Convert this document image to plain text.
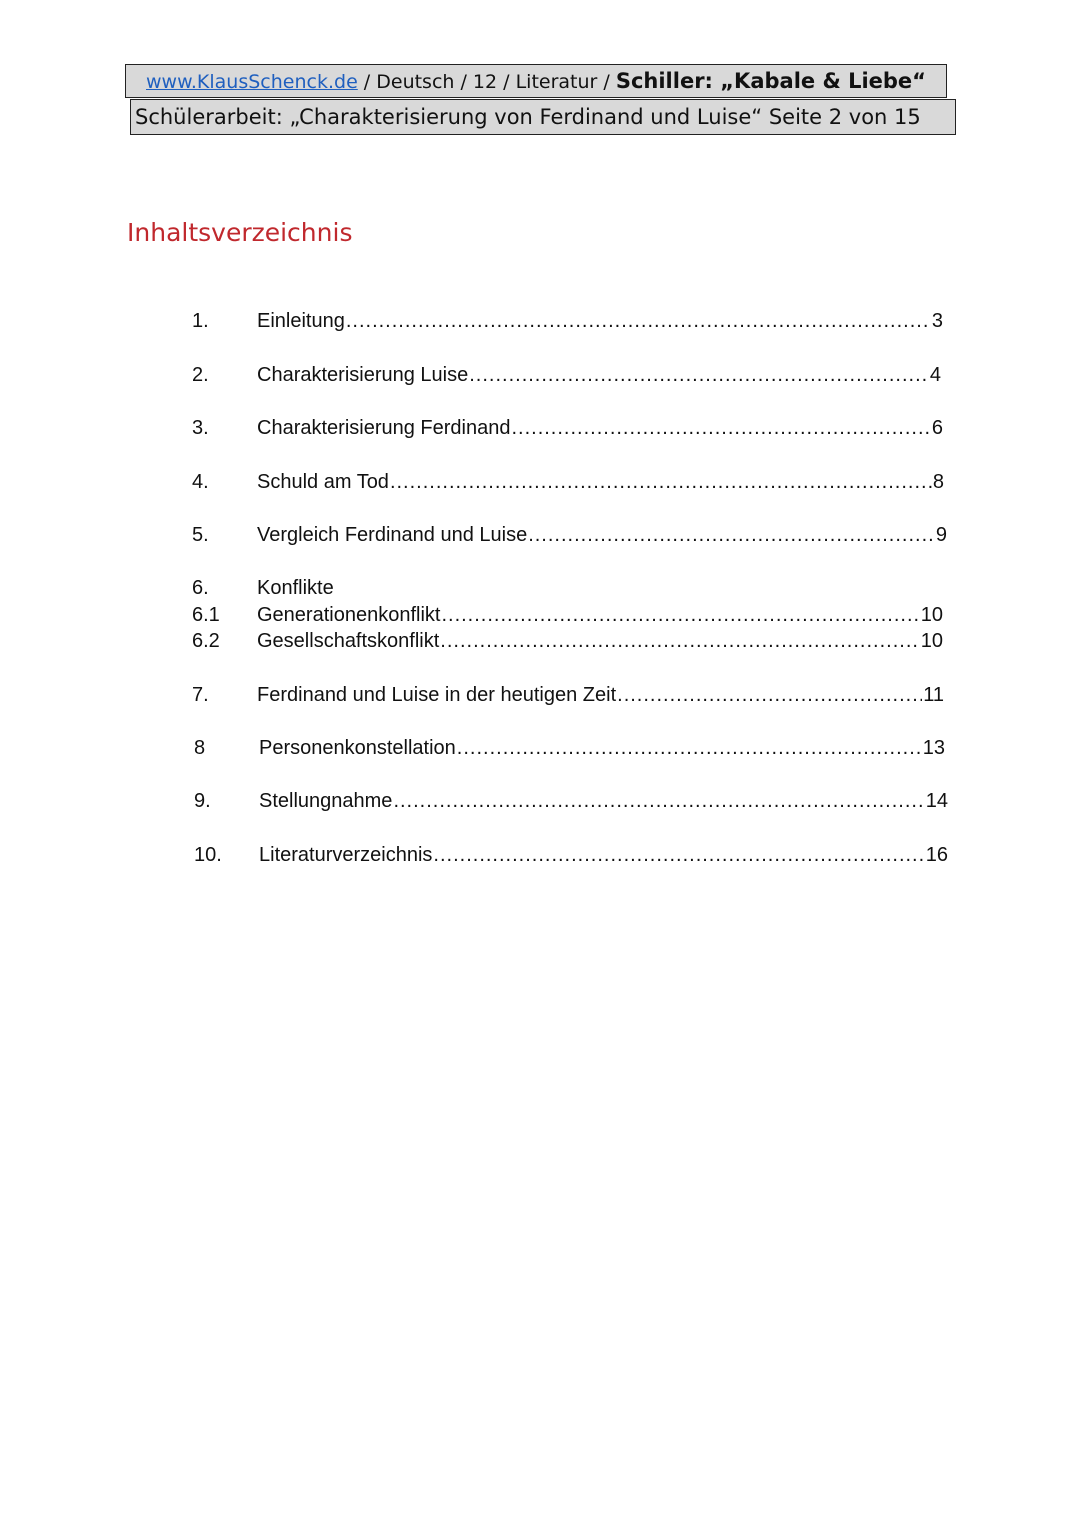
www.KlausSchenck.de / Deutsch / 12 / Literatur / Schiller: „Kabale & Liebe“
Schülerarbeit: „Charakterisierung von Ferdinand und Luise“ Seite 2 von 15
Inhaltsverzeichnis
1.	Einleitung .....	3
2.	Charakterisierung Luise .....	4
3.	Charakterisierung Ferdinand .....	6
4.	Schuld am Tod .....	8
5.	Vergleich Ferdinand und Luise .....	9
6.	Konflikte
6.1	Generationenkonflikt .....	10
6.2	Gesellschaftskonflikt .....	10
7.	Ferdinand und Luise in der heutigen Zeit .....	11
8	Personenkonstellation .....	13
9.	Stellungnahme .....	14
10.	Literaturverzeichnis .....	16
